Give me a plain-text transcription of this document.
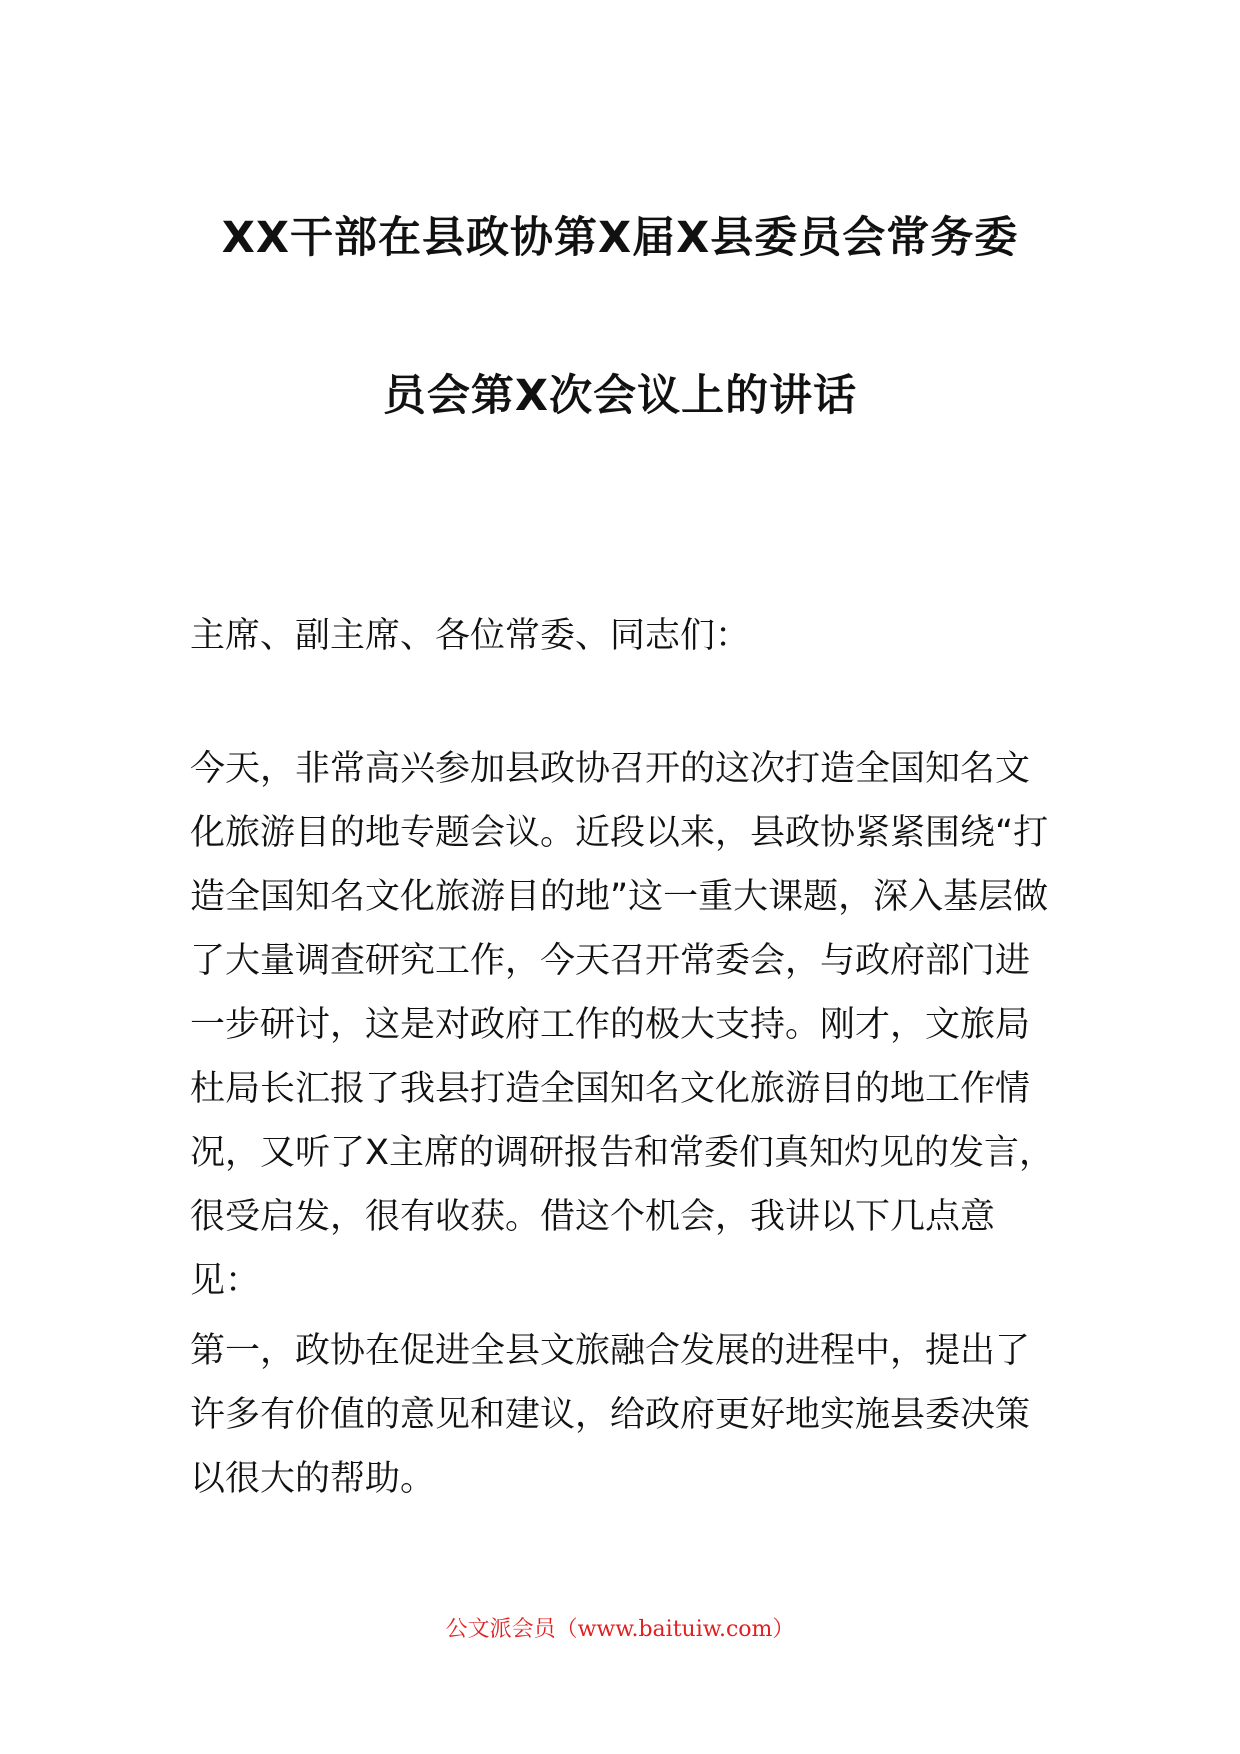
XX干部在县政协第X届X县委员会常务委
员会第X次会议上的讲话

主席、副主席、各位常委、同志们：

今天，非常高兴参加县政协召开的这次打造全国知名文化旅游目的地专题会议。近段以来，县政协紧紧围绕“打造全国知名文化旅游目的地”这一重大课题，深入基层做了大量调查研究工作，今天召开常委会，与政府部门进一步研讨，这是对政府工作的极大支持。刚才，文旅局杜局长汇报了我县打造全国知名文化旅游目的地工作情况，又听了X主席的调研报告和常委们真知灼见的发言，很受启发，很有收获。借这个机会，我讲以下几点意见：

第一，政协在促进全县文旅融合发展的进程中，提出了许多有价值的意见和建议，给政府更好地实施县委决策以很大的帮助。

公文派会员（www.baitui​w.com）
